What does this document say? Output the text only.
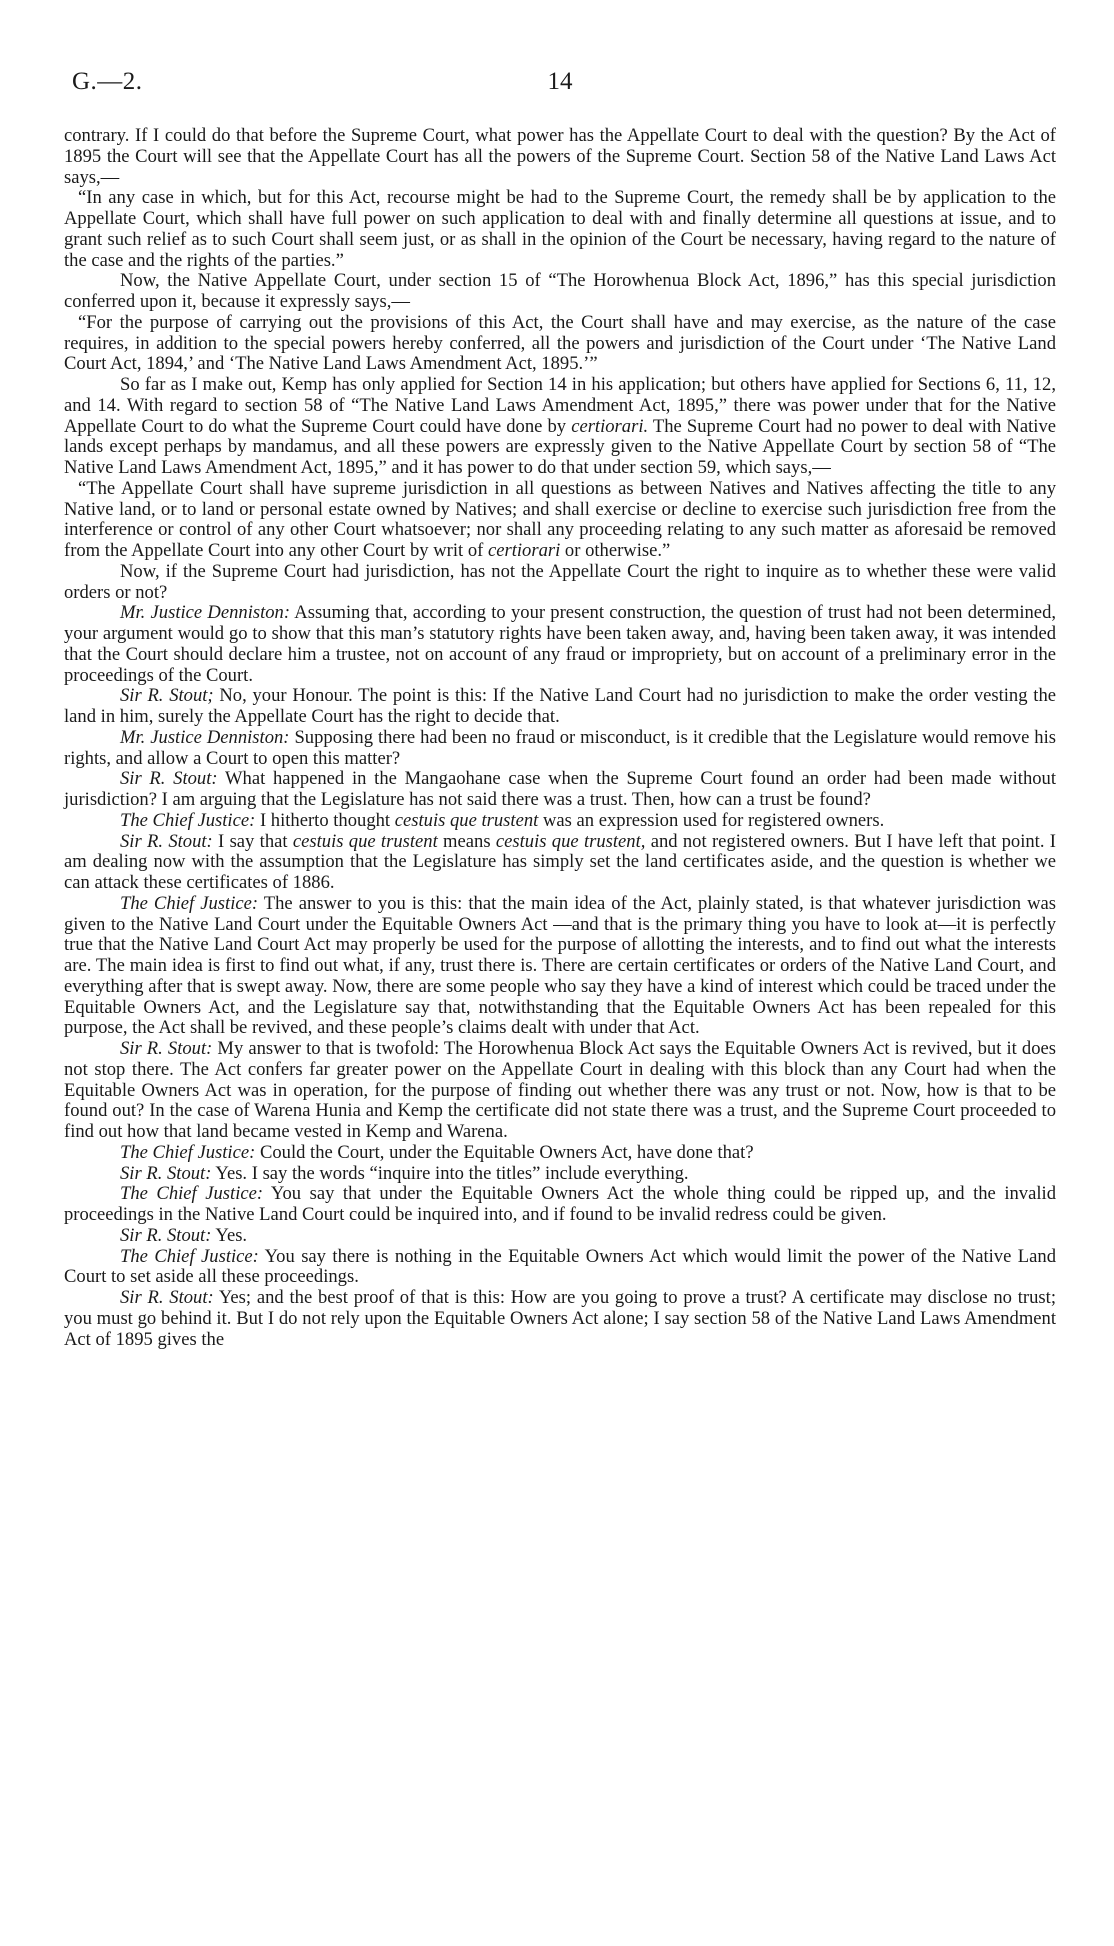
G.—2.	14

contrary. If I could do that before the Supreme Court, what power has the Appellate Court to deal with the question? By the Act of 1895 the Court will see that the Appellate Court has all the powers of the Supreme Court. Section 58 of the Native Land Laws Act says,—

“In any case in which, but for this Act, recourse might be had to the Supreme Court, the remedy shall be by application to the Appellate Court, which shall have full power on such application to deal with and finally determine all questions at issue, and to grant such relief as to such Court shall seem just, or as shall in the opinion of the Court be necessary, having regard to the nature of the case and the rights of the parties.”

Now, the Native Appellate Court, under section 15 of “The Horowhenua Block Act, 1896,” has this special jurisdiction conferred upon it, because it expressly says,—

“For the purpose of carrying out the provisions of this Act, the Court shall have and may exercise, as the nature of the case requires, in addition to the special powers hereby conferred, all the powers and jurisdiction of the Court under ‘The Native Land Court Act, 1894,’ and ‘The Native Land Laws Amendment Act, 1895.’”

So far as I make out, Kemp has only applied for Section 14 in his application; but others have applied for Sections 6, 11, 12, and 14. With regard to section 58 of “The Native Land Laws Amendment Act, 1895,” there was power under that for the Native Appellate Court to do what the Supreme Court could have done by certiorari. The Supreme Court had no power to deal with Native lands except perhaps by mandamus, and all these powers are expressly given to the Native Appellate Court by section 58 of “The Native Land Laws Amendment Act, 1895,” and it has power to do that under section 59, which says,—

“The Appellate Court shall have supreme jurisdiction in all questions as between Natives and Natives affecting the title to any Native land, or to land or personal estate owned by Natives; and shall exercise or decline to exercise such jurisdiction free from the interference or control of any other Court whatsoever; nor shall any proceeding relating to any such matter as aforesaid be removed from the Appellate Court into any other Court by writ of certiorari or otherwise.”

Now, if the Supreme Court had jurisdiction, has not the Appellate Court the right to inquire as to whether these were valid orders or not?

Mr. Justice Denniston: Assuming that, according to your present construction, the question of trust had not been determined, your argument would go to show that this man’s statutory rights have been taken away, and, having been taken away, it was intended that the Court should declare him a trustee, not on account of any fraud or impropriety, but on account of a preliminary error in the proceedings of the Court.

Sir R. Stout; No, your Honour. The point is this: If the Native Land Court had no jurisdiction to make the order vesting the land in him, surely the Appellate Court has the right to decide that.

Mr. Justice Denniston: Supposing there had been no fraud or misconduct, is it credible that the Legislature would remove his rights, and allow a Court to open this matter?

Sir R. Stout: What happened in the Mangaohane case when the Supreme Court found an order had been made without jurisdiction? I am arguing that the Legislature has not said there was a trust. Then, how can a trust be found?

The Chief Justice: I hitherto thought cestuis que trustent was an expression used for registered owners.

Sir R. Stout: I say that cestuis que trustent means cestuis que trustent, and not registered owners. But I have left that point. I am dealing now with the assumption that the Legislature has simply set the land certificates aside, and the question is whether we can attack these certificates of 1886.

The Chief Justice: The answer to you is this: that the main idea of the Act, plainly stated, is that whatever jurisdiction was given to the Native Land Court under the Equitable Owners Act —and that is the primary thing you have to look at—it is perfectly true that the Native Land Court Act may properly be used for the purpose of allotting the interests, and to find out what the interests are. The main idea is first to find out what, if any, trust there is. There are certain certificates or orders of the Native Land Court, and everything after that is swept away. Now, there are some people who say they have a kind of interest which could be traced under the Equitable Owners Act, and the Legislature say that, notwithstanding that the Equitable Owners Act has been repealed for this purpose, the Act shall be revived, and these people’s claims dealt with under that Act.

Sir R. Stout: My answer to that is twofold: The Horowhenua Block Act says the Equitable Owners Act is revived, but it does not stop there. The Act confers far greater power on the Appellate Court in dealing with this block than any Court had when the Equitable Owners Act was in operation, for the purpose of finding out whether there was any trust or not. Now, how is that to be found out? In the case of Warena Hunia and Kemp the certificate did not state there was a trust, and the Supreme Court proceeded to find out how that land became vested in Kemp and Warena.

The Chief Justice: Could the Court, under the Equitable Owners Act, have done that?

Sir R. Stout: Yes. I say the words “inquire into the titles” include everything.

The Chief Justice: You say that under the Equitable Owners Act the whole thing could be ripped up, and the invalid proceedings in the Native Land Court could be inquired into, and if found to be invalid redress could be given.

Sir R. Stout: Yes.

The Chief Justice: You say there is nothing in the Equitable Owners Act which would limit the power of the Native Land Court to set aside all these proceedings.

Sir R. Stout: Yes; and the best proof of that is this: How are you going to prove a trust? A certificate may disclose no trust; you must go behind it. But I do not rely upon the Equitable Owners Act alone; I say section 58 of the Native Land Laws Amendment Act of 1895 gives the
